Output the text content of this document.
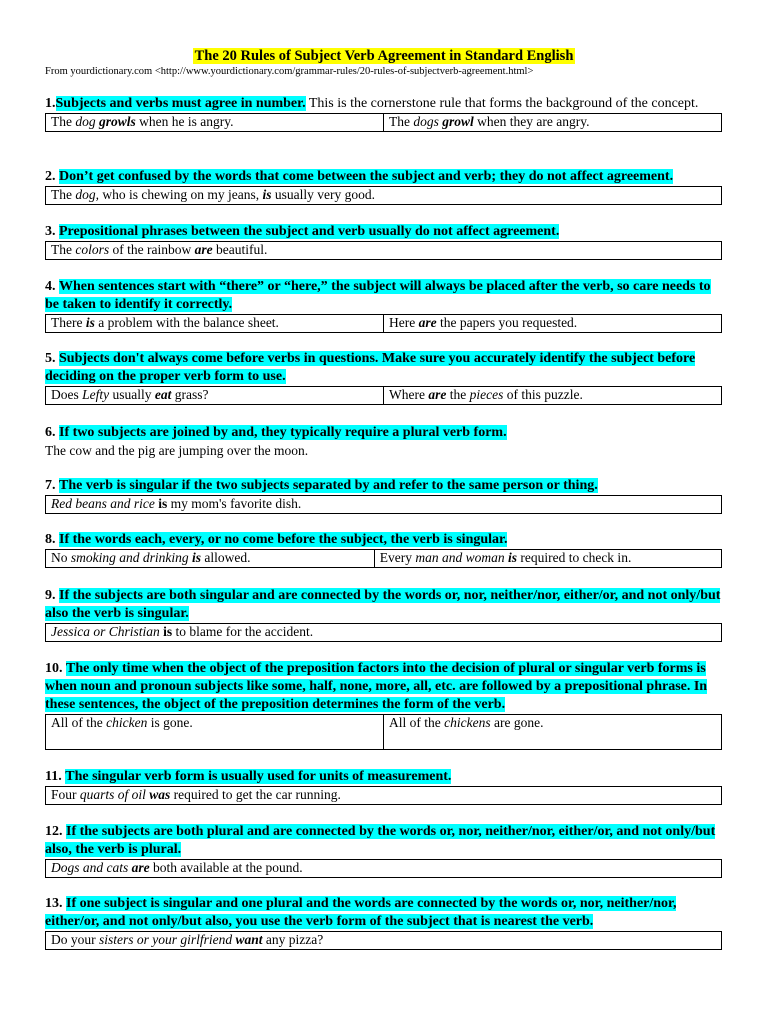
The 20 Rules of Subject Verb Agreement in Standard English
From yourdictionary.com <http://www.yourdictionary.com/grammar-rules/20-rules-of-subjectverb-agreement.html>

1.Subjects and verbs must agree in number. This is the cornerstone rule that forms the background of the concept.

The dog growls when he is angry.	The dogs growl when they are angry.

2. Don’t get confused by the words that come between the subject and verb; they do not affect agreement.

The dog, who is chewing on my jeans, is usually very good.

3. Prepositional phrases between the subject and verb usually do not affect agreement.

The colors of the rainbow are beautiful.

4. When sentences start with “there” or “here,” the subject will always be placed after the verb, so care needs to be taken to identify it correctly.

There is a problem with the balance sheet.	Here are the papers you requested.

5. Subjects don't always come before verbs in questions. Make sure you accurately identify the subject before deciding on the proper verb form to use.

Does Lefty usually eat grass?	Where are the pieces of this puzzle.

6. If two subjects are joined by and, they typically require a plural verb form.

The cow and the pig are jumping over the moon.

7. The verb is singular if the two subjects separated by and refer to the same person or thing.

Red beans and rice is my mom's favorite dish.

8. If the words each, every, or no come before the subject, the verb is singular.

No smoking and drinking is allowed.	Every man and woman is required to check in.

9. If the subjects are both singular and are connected by the words or, nor, neither/nor, either/or, and not only/but also the verb is singular.

Jessica or Christian is to blame for the accident.

10. The only time when the object of the preposition factors into the decision of plural or singular verb forms is when noun and pronoun subjects like some, half, none, more, all, etc. are followed by a prepositional phrase. In these sentences, the object of the preposition determines the form of the verb.

All of the chicken is gone.	All of the chickens are gone.

11. The singular verb form is usually used for units of measurement.

Four quarts of oil was required to get the car running.

12. If the subjects are both plural and are connected by the words or, nor, neither/nor, either/or, and not only/but also, the verb is plural.

Dogs and cats are both available at the pound.

13. If one subject is singular and one plural and the words are connected by the words or, nor, neither/nor, either/or, and not only/but also, you use the verb form of the subject that is nearest the verb.

Do your sisters or your girlfriend want any pizza?
